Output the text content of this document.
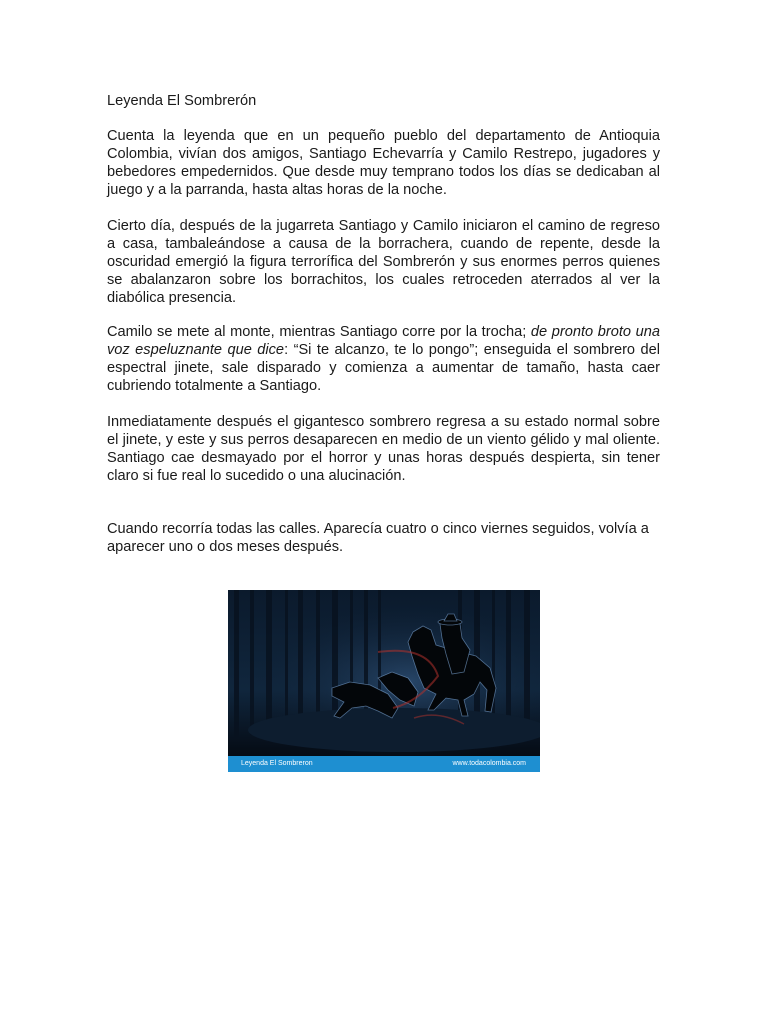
Leyenda El Sombrerón

Cuenta la leyenda que en un pequeño pueblo del departamento de Antioquia Colombia, vivían dos amigos, Santiago Echevarría y Camilo Restrepo, jugadores y bebedores empedernidos. Que desde muy temprano todos los días se dedicaban al juego y a la parranda, hasta altas horas de la noche.

Cierto día, después de la jugarreta Santiago y Camilo iniciaron el camino de regreso a casa, tambaleándose a causa de la borrachera, cuando de repente, desde la oscuridad emergió la figura terrorífica del Sombrerón y sus enormes perros quienes se abalanzaron sobre los borrachitos, los cuales retroceden aterrados al ver la diabólica presencia.

Camilo se mete al monte, mientras Santiago corre por la trocha; de pronto broto una voz espeluznante que dice: “Si te alcanzo, te lo pongo”; enseguida el sombrero del espectral jinete, sale disparado y comienza a aumentar de tamaño, hasta caer cubriendo totalmente a Santiago.

Inmediatamente después el gigantesco sombrero regresa a su estado normal sobre el jinete, y este y sus perros desaparecen en medio de un viento gélido y mal oliente. Santiago cae desmayado por el horror y unas horas después despierta, sin tener claro si fue real lo sucedido o una alucinación.

Cuando recorría todas las calles. Aparecía cuatro o cinco viernes seguidos, volvía a aparecer uno o dos meses después.

Leyenda El Sombreron	www.todacolombia.com
